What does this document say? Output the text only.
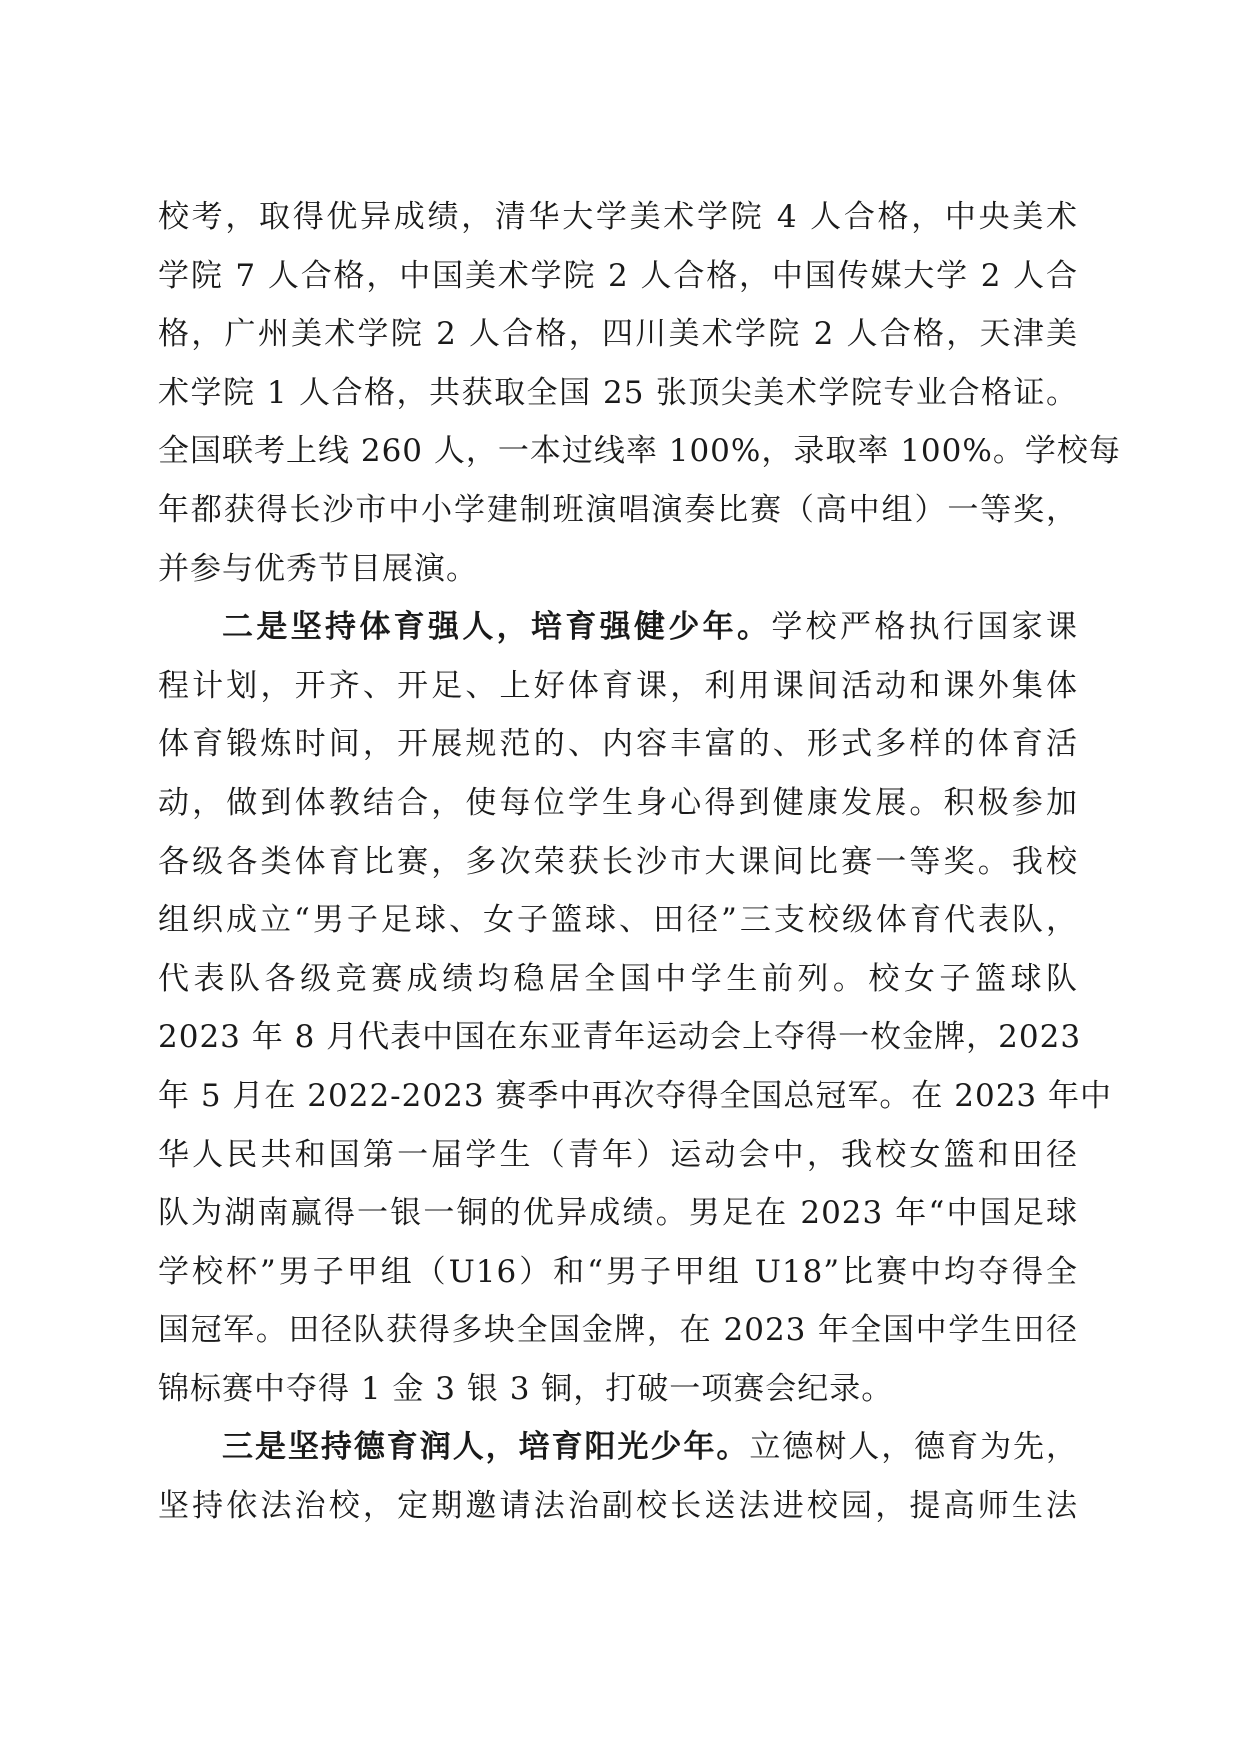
校考，取得优异成绩，清华大学美术学院 4 人合格，中央美术
学院 7 人合格，中国美术学院 2 人合格，中国传媒大学 2 人合
格，广州美术学院 2 人合格，四川美术学院 2 人合格，天津美
术学院 1 人合格，共获取全国 25 张顶尖美术学院专业合格证。
全国联考上线 260 人，一本过线率 100%，录取率 100%。学校每
年都获得长沙市中小学建制班演唱演奏比赛（高中组）一等奖，
并参与优秀节目展演。
二是坚持体育强人，培育强健少年。学校严格执行国家课
程计划，开齐、开足、上好体育课，利用课间活动和课外集体
体育锻炼时间，开展规范的、内容丰富的、形式多样的体育活
动，做到体教结合，使每位学生身心得到健康发展。积极参加
各级各类体育比赛，多次荣获长沙市大课间比赛一等奖。我校
组织成立“男子足球、女子篮球、田径”三支校级体育代表队，
代表队各级竞赛成绩均稳居全国中学生前列。校女子篮球队
2023 年 8 月代表中国在东亚青年运动会上夺得一枚金牌，2023
年 5 月在 2022-2023 赛季中再次夺得全国总冠军。在 2023 年中
华人民共和国第一届学生（青年）运动会中，我校女篮和田径
队为湖南赢得一银一铜的优异成绩。男足在 2023 年“中国足球
学校杯”男子甲组（U16）和“男子甲组 U18”比赛中均夺得全
国冠军。田径队获得多块全国金牌，在 2023 年全国中学生田径
锦标赛中夺得 1 金 3 银 3 铜，打破一项赛会纪录。
三是坚持德育润人，培育阳光少年。立德树人，德育为先，
坚持依法治校，定期邀请法治副校长送法进校园，提高师生法
